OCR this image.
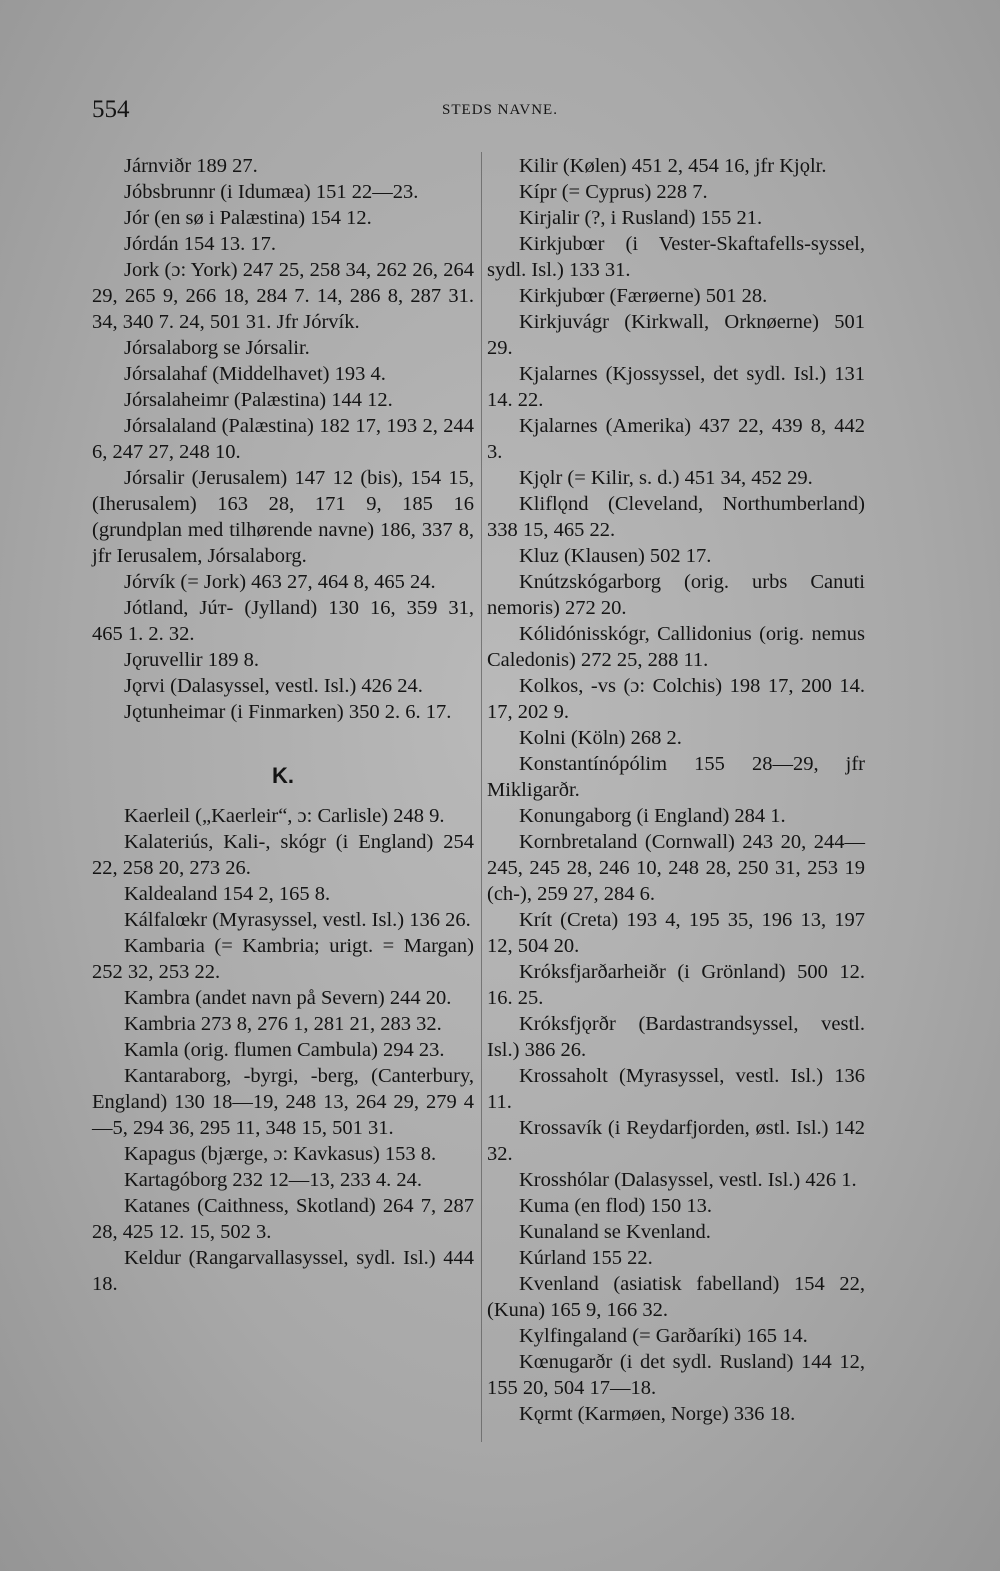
554	STEDS NAVNE.

Járnviðr 189 27.

Jóbsbrunnr (i Idumæa) 151 22—23.

Jór (en sø i Palæstina) 154 12.

Jórdán 154 13. 17.

Jork (ɔ: York) 247 25, 258 34, 262 26, 264 29, 265 9, 266 18, 284 7. 14, 286 8, 287 31. 34, 340 7. 24, 501 31. Jfr Jórvík.

Jórsalaborg se Jórsalir.

Jórsalahaf (Middelhavet) 193 4.

Jórsalaheimr (Palæstina) 144 12.

Jórsalaland (Palæstina) 182 17, 193 2, 244 6, 247 27, 248 10.

Jórsalir (Jerusalem) 147 12 (bis), 154 15, (Iherusalem) 163 28, 171 9, 185 16 (grundplan med tilhørende navne) 186, 337 8, jfr Ierusalem, Jórsalaborg.

Jórvík (= Jork) 463 27, 464 8, 465 24.

Jótland, Júᴛ- (Jylland) 130 16, 359 31, 465 1. 2. 32.

Jǫruvellir 189 8.

Jǫrvi (Dalasyssel, vestl. Isl.) 426 24.

Jǫtunheimar (i Finmarken) 350 2. 6. 17.

K.

Kaerleil („Kaerleir“, ɔ: Carlisle) 248 9.

Kalateriús, Kali-, skógr (i England) 254 22, 258 20, 273 26.

Kaldealand 154 2, 165 8.

Kálfalœkr (Myrasyssel, vestl. Isl.) 136 26.

Kambaria (= Kambria; urigt. = Margan) 252 32, 253 22.

Kambra (andet navn på Severn) 244 20.

Kambria 273 8, 276 1, 281 21, 283 32.

Kamla (orig. flumen Cambula) 294 23.

Kantaraborg, -byrgi, -berg, (Canterbury, England) 130 18—19, 248 13, 264 29, 279 4—5, 294 36, 295 11, 348 15, 501 31.

Kapagus (bjærge, ɔ: Kavkasus) 153 8.

Kartagóborg 232 12—13, 233 4. 24.

Katanes (Caithness, Skotland) 264 7, 287 28, 425 12. 15, 502 3.

Keldur (Rangarvallasyssel, sydl. Isl.) 444 18.

Kilir (Kølen) 451 2, 454 16, jfr Kjǫlr.

Kípr (= Cyprus) 228 7.

Kirjalir (?, i Rusland) 155 21.

Kirkjubœr (i Vester-Skaftafells-syssel, sydl. Isl.) 133 31.

Kirkjubœr (Færøerne) 501 28.

Kirkjuvágr (Kirkwall, Orknøerne) 501 29.

Kjalarnes (Kjossyssel, det sydl. Isl.) 131 14. 22.

Kjalarnes (Amerika) 437 22, 439 8, 442 3.

Kjǫlr (= Kilir, s. d.) 451 34, 452 29.

Kliflǫnd (Cleveland, Northumberland) 338 15, 465 22.

Kluz (Klausen) 502 17.

Knútzskógarborg (orig. urbs Canuti nemoris) 272 20.

Kólidónisskógr, Callidonius (orig. nemus Caledonis) 272 25, 288 11.

Kolkos, -vs (ɔ: Colchis) 198 17, 200 14. 17, 202 9.

Kolni (Köln) 268 2.

Konstantínópólim 155 28—29, jfr Mikligarðr.

Konungaborg (i England) 284 1.

Kornbretaland (Cornwall) 243 20, 244—245, 245 28, 246 10, 248 28, 250 31, 253 19 (ch-), 259 27, 284 6.

Krít (Creta) 193 4, 195 35, 196 13, 197 12, 504 20.

Króksfjarðarheiðr (i Grönland) 500 12. 16. 25.

Króksfjǫrðr (Bardastrandsyssel, vestl. Isl.) 386 26.

Krossaholt (Myrasyssel, vestl. Isl.) 136 11.

Krossavík (i Reydarfjorden, østl. Isl.) 142 32.

Krosshólar (Dalasyssel, vestl. Isl.) 426 1.

Kuma (en flod) 150 13.

Kunaland se Kvenland.

Kúrland 155 22.

Kvenland (asiatisk fabelland) 154 22, (Kuna) 165 9, 166 32.

Kylfingaland (= Garðaríki) 165 14.

Kœnugarðr (i det sydl. Rusland) 144 12, 155 20, 504 17—18.

Kǫrmt (Karmøen, Norge) 336 18.
